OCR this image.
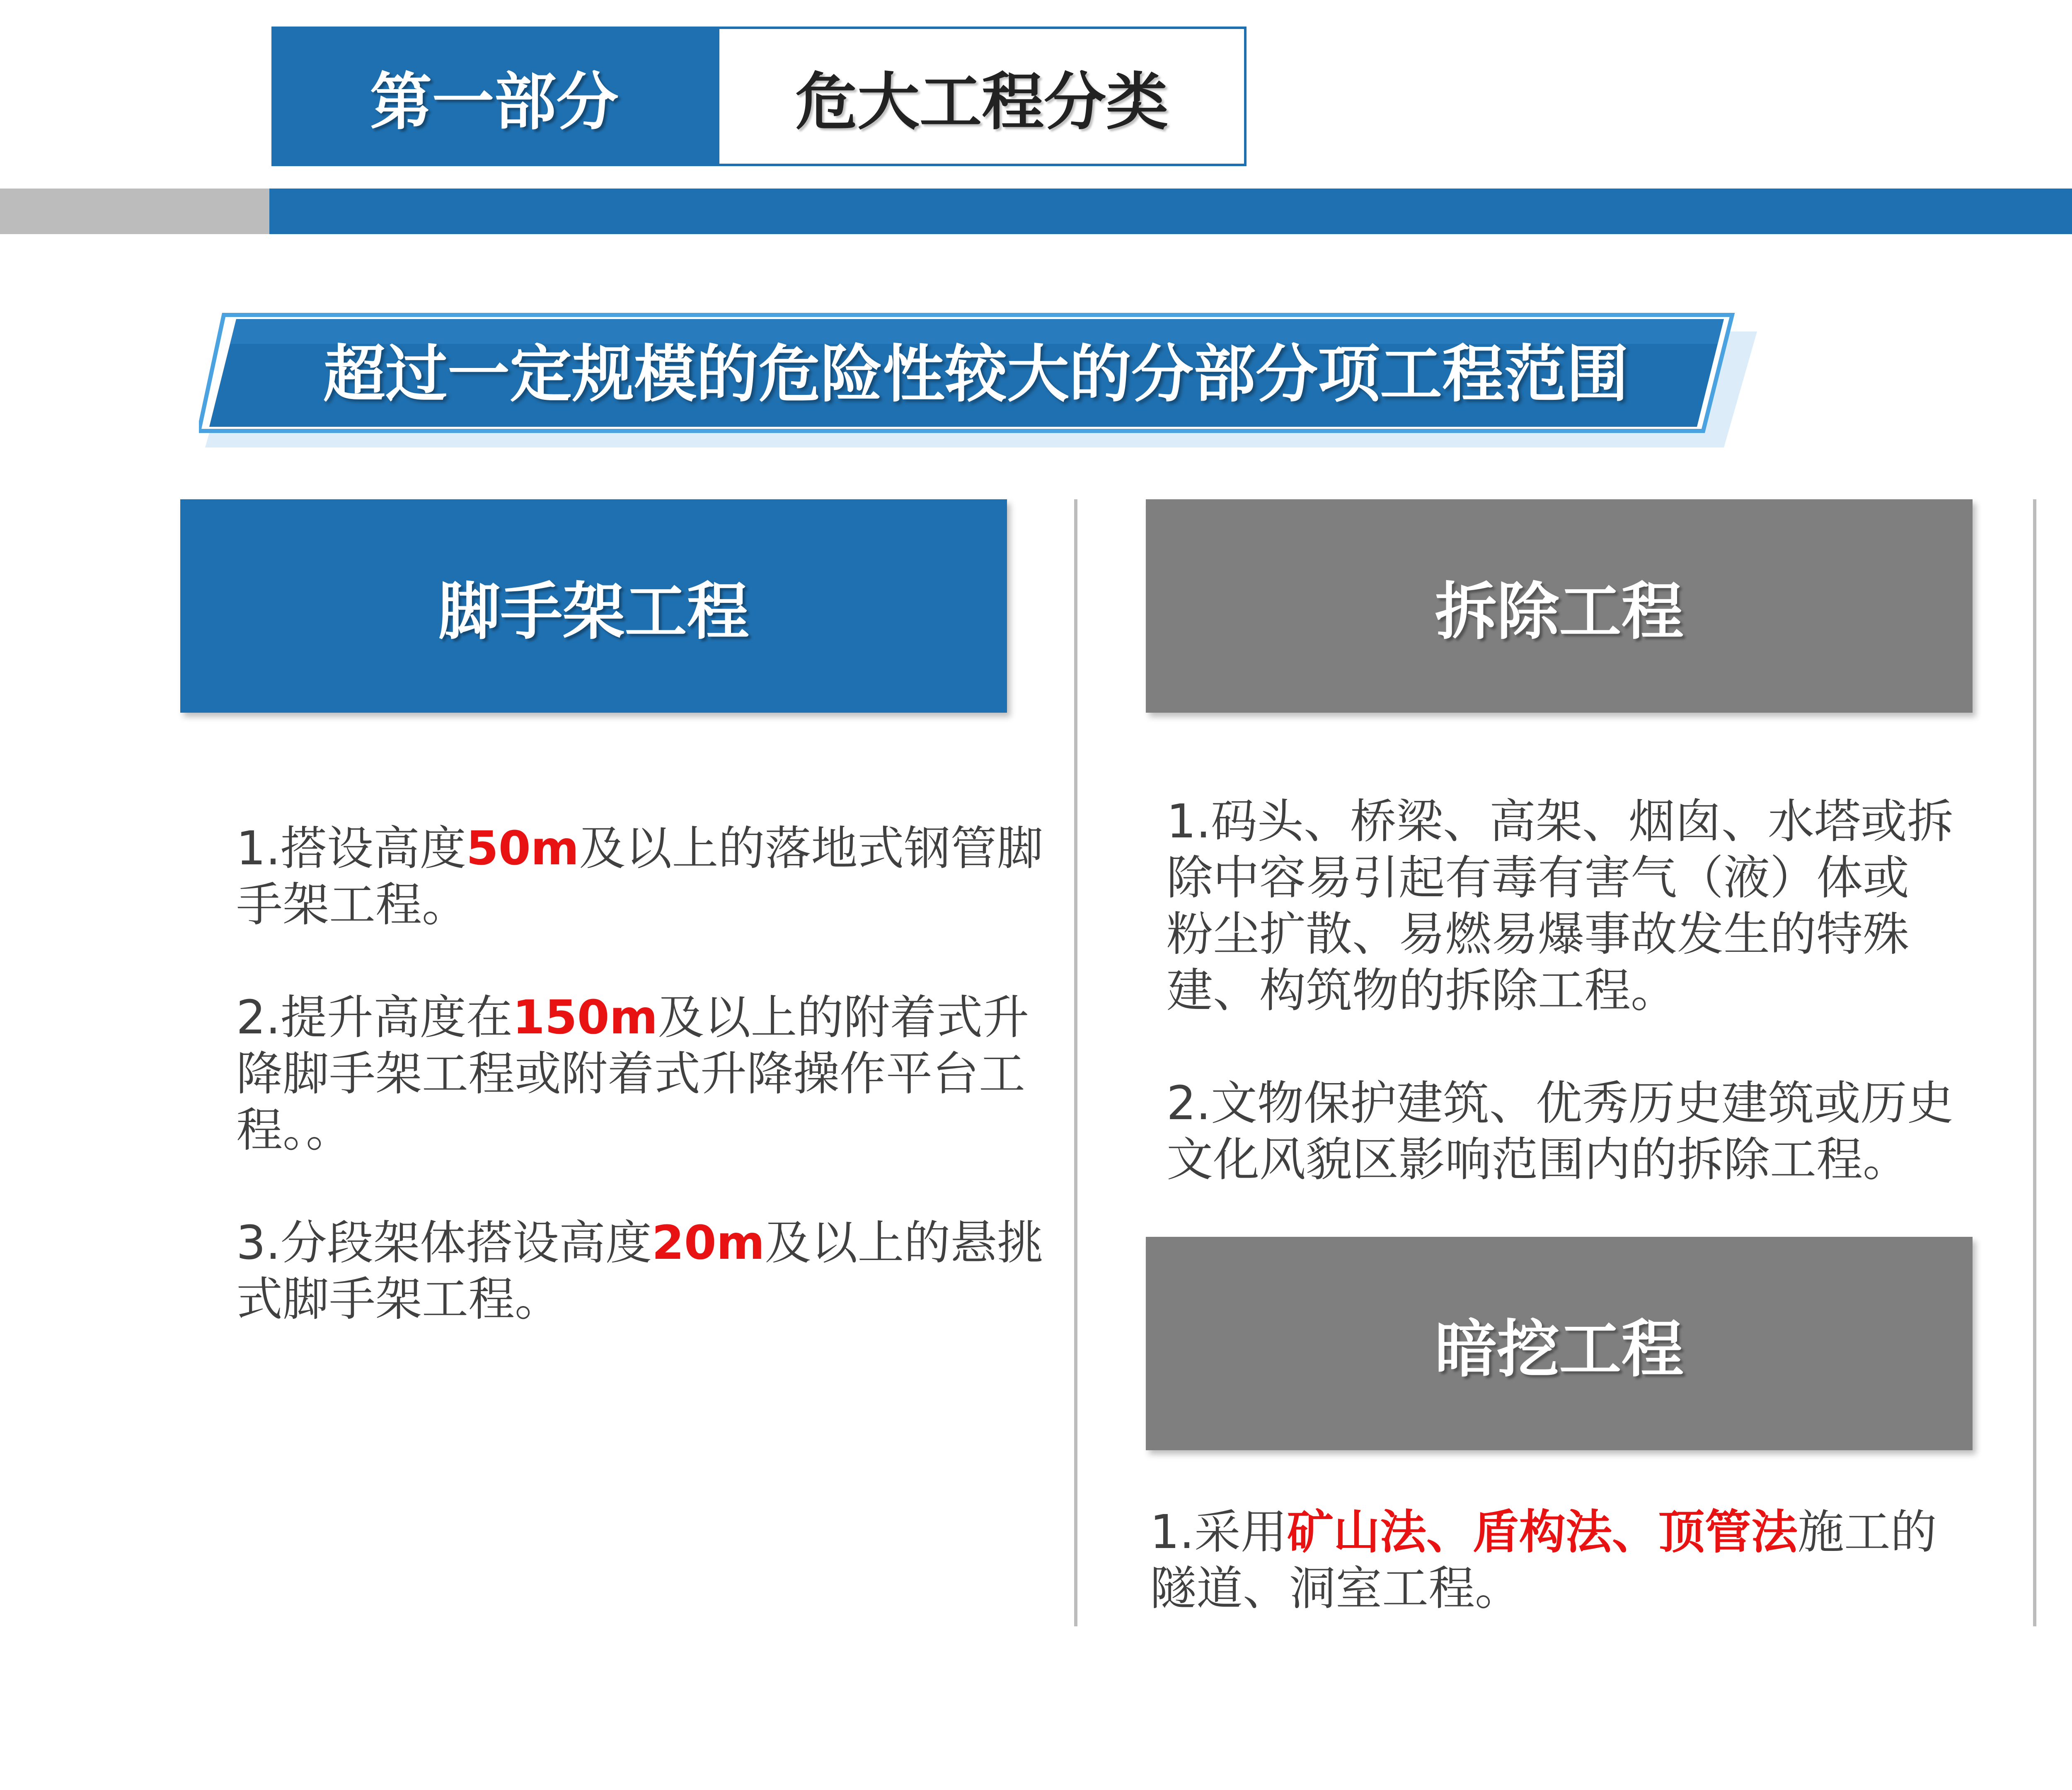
第一部分	危大工程分类
超过一定规模的危险性较大的分部分项工程范围
脚手架工程	拆除工程
暗挖工程

1.搭设高度50m及以上的落地式钢管脚手架工程。

2.提升高度在150m及以上的附着式升降脚手架工程或附着式升降操作平台工程。。

3.分段架体搭设高度20m及以上的悬挑式脚手架工程。

1.码头、桥梁、高架、烟囱、水塔或拆除中容易引起有毒有害气（液）体或粉尘扩散、易燃易爆事故发生的特殊建、构筑物的拆除工程。

2.文物保护建筑、优秀历史建筑或历史文化风貌区影响范围内的拆除工程。

1.采用矿山法、盾构法、顶管法施工的隧道、洞室工程。
